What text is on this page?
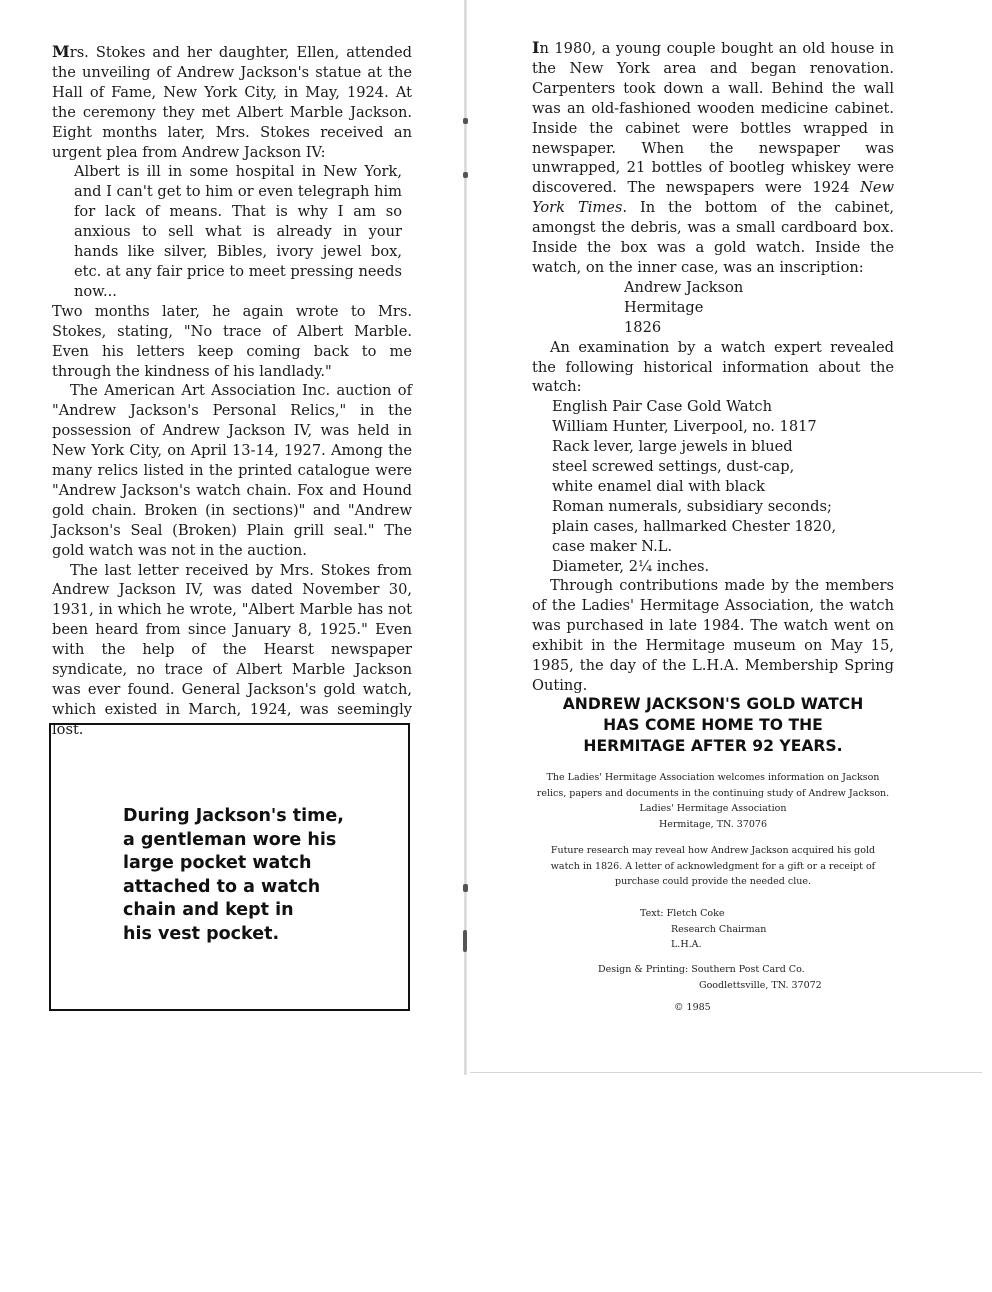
Mrs. Stokes and her daughter, Ellen, attended the unveiling of Andrew Jackson's statue at the Hall of Fame, New York City, in May, 1924. At the ceremony they met Albert Marble Jackson. Eight months later, Mrs. Stokes received an urgent plea from Andrew Jackson IV:

Albert is ill in some hospital in New York, and I can't get to him or even telegraph him for lack of means. That is why I am so anxious to sell what is already in your hands like silver, Bibles, ivory jewel box, etc. at any fair price to meet pressing needs now...

Two months later, he again wrote to Mrs. Stokes, stating, "No trace of Albert Marble. Even his letters keep coming back to me through the kindness of his landlady."

The American Art Association Inc. auction of "Andrew Jackson's Personal Relics," in the possession of Andrew Jackson IV, was held in New York City, on April 13-14, 1927. Among the many relics listed in the printed catalogue were "Andrew Jackson's watch chain. Fox and Hound gold chain. Broken (in sections)" and "Andrew Jackson's Seal (Broken) Plain grill seal." The gold watch was not in the auction.

The last letter received by Mrs. Stokes from Andrew Jackson IV, was dated November 30, 1931, in which he wrote, "Albert Marble has not been heard from since January 8, 1925." Even with the help of the Hearst newspaper syndicate, no trace of Albert Marble Jackson was ever found. General Jackson's gold watch, which existed in March, 1924, was seemingly lost.

During Jackson's time,
a gentleman wore his
large pocket watch
attached to a watch
chain and kept in
his vest pocket.

In 1980, a young couple bought an old house in the New York area and began renovation. Carpenters took down a wall. Behind the wall was an old-fashioned wooden medicine cabinet. Inside the cabinet were bottles wrapped in newspaper. When the newspaper was unwrapped, 21 bottles of bootleg whiskey were discovered. The newspapers were 1924 New York Times. In the bottom of the cabinet, amongst the debris, was a small cardboard box. Inside the box was a gold watch. Inside the watch, on the inner case, was an inscription:

Andrew Jackson
Hermitage
1826

An examination by a watch expert revealed the following historical information about the watch:

English Pair Case Gold Watch
William Hunter, Liverpool, no. 1817
Rack lever, large jewels in blued
steel screwed settings, dust-cap,
white enamel dial with black
Roman numerals, subsidiary seconds;
plain cases, hallmarked Chester 1820,
case maker N.L.
Diameter, 2¼ inches.

Through contributions made by the members of the Ladies' Hermitage Association, the watch was purchased in late 1984. The watch went on exhibit in the Hermitage museum on May 15, 1985, the day of the L.H.A. Membership Spring Outing.

ANDREW JACKSON'S GOLD WATCH
HAS COME HOME TO THE
HERMITAGE AFTER 92 YEARS.
The Ladies' Hermitage Association welcomes information on Jackson
relics, papers and documents in the continuing study of Andrew Jackson.
Ladies' Hermitage Association
Hermitage, TN. 37076
Future research may reveal how Andrew Jackson acquired his gold
watch in 1826. A letter of acknowledgment for a gift or a receipt of
purchase could provide the needed clue.
Text: Fletch Coke
Research Chairman
L.H.A.
Design & Printing: Southern Post Card Co.
Goodlettsville, TN. 37072
© 1985
